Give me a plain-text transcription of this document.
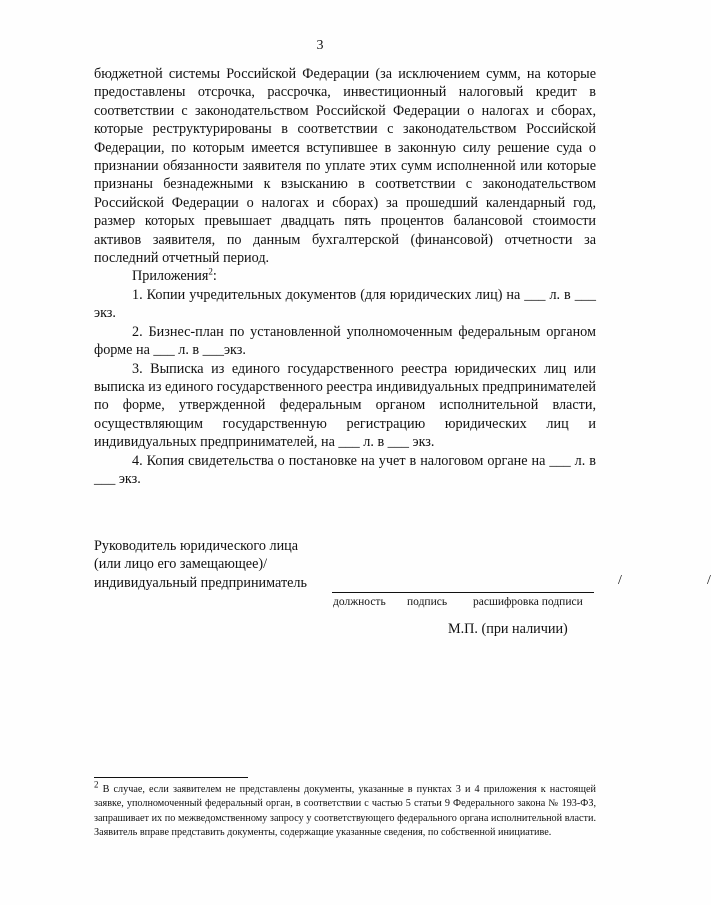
3

бюджетной системы Российской Федерации (за исключением сумм, на которые предоставлены отсрочка, рассрочка, инвестиционный налоговый кредит в соответствии с законодательством Российской Федерации о налогах и сборах, которые реструктурированы в соответствии с законодательством Российской Федерации, по которым имеется вступившее в законную силу решение суда о признании обязанности заявителя по уплате этих сумм исполненной или которые признаны безнадежными к взысканию в соответствии с законодательством Российской Федерации о налогах и сборах) за прошедший календарный год, размер которых превышает двадцать пять процентов балансовой стоимости активов заявителя, по данным бухгалтерской (финансовой) отчетности за последний отчетный период.

Приложения$^2$:

1. Копии учредительных документов (для юридических лиц) на ___ л. в ___ экз.

2. Бизнес-план по установленной уполномоченным федеральным органом форме на ___ л. в ___экз.

3. Выписка из единого государственного реестра юридических лиц или выписка из единого государственного реестра индивидуальных предпринимателей по форме, утвержденной федеральным органом исполнительной власти, осуществляющим государственную регистрацию юридических лиц и индивидуальных предпринимателей, на ___ л. в ___ экз.

4. Копия свидетельства о постановке на учет в налоговом органе на ___ л. в ___ экз.

Руководитель юридического лица
(или лицо его замещающее)/
индивидуальный предприниматель	/	/
должность подпись расшифровка подписи
М.П. (при наличии)
2 В случае, если заявителем не представлены документы, указанные в пунктах 3 и 4 приложения к настоящей заявке, уполномоченный федеральный орган, в соответствии с частью 5 статьи 9 Федерального закона № 193-ФЗ, запрашивает их по межведомственному запросу у соответствующего федерального органа исполнительной власти. Заявитель вправе представить документы, содержащие указанные сведения, по собственной инициативе.
